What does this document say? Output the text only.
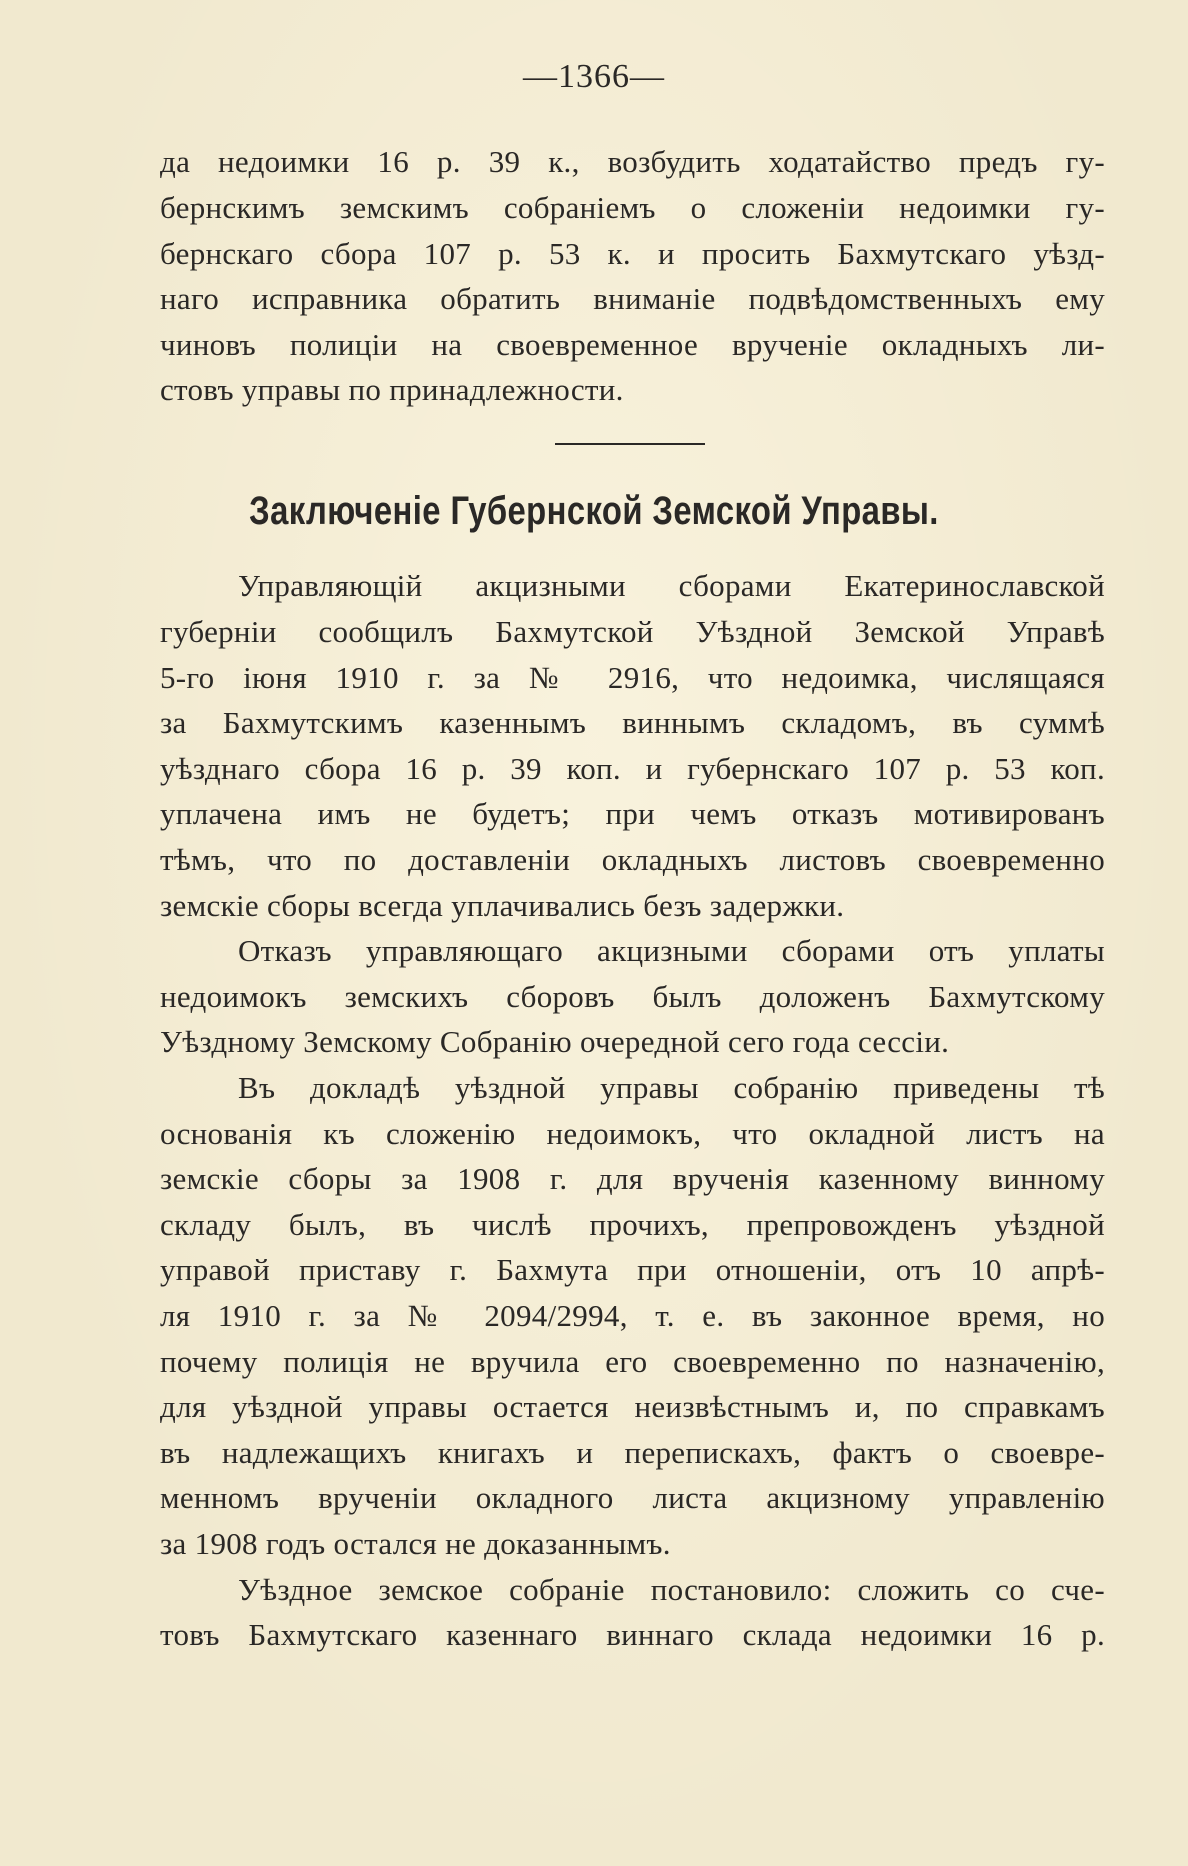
—1366—
да недоимки 16 р. 39 к., возбудить ходатайство предъ гу-
бернскимъ земскимъ собраніемъ о сложеніи недоимки гу-
бернскаго сбора 107 р. 53 к. и просить Бахмутскаго уѣзд-
наго исправника обратить вниманіе подвѣдомственныхъ ему
чиновъ полиціи на своевременное врученіе окладныхъ ли-
стовъ управы по принадлежности.
Заключеніе Губернской Земской Управы.
Управляющій акцизными сборами Екатеринославской
губерніи сообщилъ Бахмутской Уѣздной Земской Управѣ
5-го іюня 1910 г. за № 2916, что недоимка, числящаяся
за Бахмутскимъ казеннымъ виннымъ складомъ, въ суммѣ
уѣзднаго сбора 16 р. 39 коп. и губернскаго 107 р. 53 коп.
уплачена имъ не будетъ; при чемъ отказъ мотивированъ
тѣмъ, что по доставленіи окладныхъ листовъ своевременно
земскіе сборы всегда уплачивались безъ задержки.
Отказъ управляющаго акцизными сборами отъ уплаты
недоимокъ земскихъ сборовъ былъ доложенъ Бахмутскому
Уѣздному Земскому Собранію очередной сего года сессіи.
Въ докладѣ уѣздной управы собранію приведены тѣ
основанія къ сложенію недоимокъ, что окладной листъ на
земскіе сборы за 1908 г. для врученія казенному винному
складу былъ, въ числѣ прочихъ, препровожденъ уѣздной
управой приставу г. Бахмута при отношеніи, отъ 10 апрѣ-
ля 1910 г. за № 2094/2994, т. е. въ законное время, но
почему полиція не вручила его своевременно по назначенію,
для уѣздной управы остается неизвѣстнымъ и, по справкамъ
въ надлежащихъ книгахъ и перепискахъ, фактъ о своевре-
менномъ врученіи окладного листа акцизному управленію
за 1908 годъ остался не доказаннымъ.
Уѣздное земское собраніе постановило: сложить со сче-
товъ Бахмутскаго казеннаго виннаго склада недоимки 16 р.
